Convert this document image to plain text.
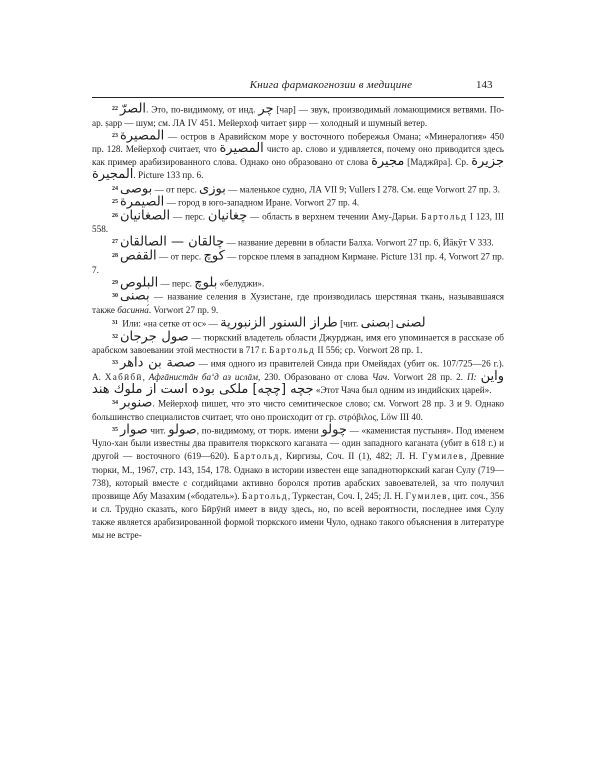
Книга фармакогнозии в медицине	143

$^{22}$ الصرّ. Это, по-видимому, от инд. چر [чар] — звук, производимый ломающимися ветвями. По-ар. ṣарр — шум; см. ЛА IV 451. Мейерхоф читает ṣирр — холодный и шумный ветер.

$^{23}$ المصيرة — остров в Аравийском море у восточного побережья Омана; «Минералогия» 450 пр. 128. Мейерхоф считает, что المصيرة чисто ар. слово и удивляется, почему оно приводится здесь как пример арабизированного слова. Однако оно образовано от слова مجيرة [Маджӣра]. Ср. جزيرة المجيرة. Picture 133 пр. 6.

$^{24}$ بوصى — от перс. بوزى — маленькое судно, ЛА VII 9; Vullers I 278. См. еще Vorwort 27 пр. 3.

$^{25}$ الصيمرة — город в юго-западном Иране. Vorwort 27 пр. 4.

$^{26}$ الصغانيان — перс. چغانيان — область в верхнем течении Аму-Дарьи. Бартольд I 123, III 558.

$^{27}$ چالقان — الصالقان — название деревни в области Балха. Vorwort 27 пр. 6, Йāкӯт V 333.

$^{28}$ القفص — от перс. كوچ — горское племя в западном Кирмане. Picture 131 пр. 4, Vorwort 27 пр. 7.

$^{29}$ البلوص — перс. بلوچ «белуджи».

$^{30}$ بصنى — название селения в Хузистане, где производилась шерстяная ткань, называвшаяся также басинна́. Vorwort 27 пр. 9.

$^{31}$ Или: «на сетке от ос» — طراز السنور الزنبورية [чит. بصنى] لصنى

$^{32}$ صول جرجان — тюркский владетель области Джурджан, имя его упоминается в рассказе об арабском завоевании этой местности в 717 г. Бартольд II 556; ср. Vorwort 28 пр. 1.

$^{33}$ صصة بن داهر — имя одного из правителей Синда при Омейядах (убит ок. 107/725—26 г.). А. Хабӣбӣ, Афғāнистāн ба‘д аз ислāм, 230. Образовано от слова Чач. Vorwort 28 пр. 2. П: واين جچه [چچه] ملكى بوده است از ملوك هند «Этот Чача был одним из индийских царей».

$^{34}$ صنوبر. Мейерхоф пишет, что это чисто семитическое слово; см. Vorwort 28 пр. 3 и 9. Однако большинство специалистов считает, что оно происходит от гр. στρόβιλος, Löw III 40.

$^{35}$ صوار чит. صولو, по-видимому, от тюрк. имени چولو — «каменистая пустыня». Под именем Чуло-хан были известны два правителя тюркского каганата — один западного каганата (убит в 618 г.) и другой — восточного (619—620). Бартольд, Киргизы, Соч. II (1), 482; Л. Н. Гумилев, Древние тюрки, М., 1967, стр. 143, 154, 178. Однако в истории известен еще западнотюркский каган Сулу (719—738), который вместе с согдийцами активно боролся против арабских завоевателей, за что получил прозвище Абу Мазахим («бодатель»). Бартольд, Туркестан, Соч. I, 245; Л. Н. Гумилев, цит. соч., 356 и сл. Трудно сказать, кого Бӣрӯнӣ имеет в виду здесь, но, по всей вероятности, последнее имя Сулу также является арабизированной формой тюркского имени Чуло, однако такого объяснения в литературе мы не встре-
